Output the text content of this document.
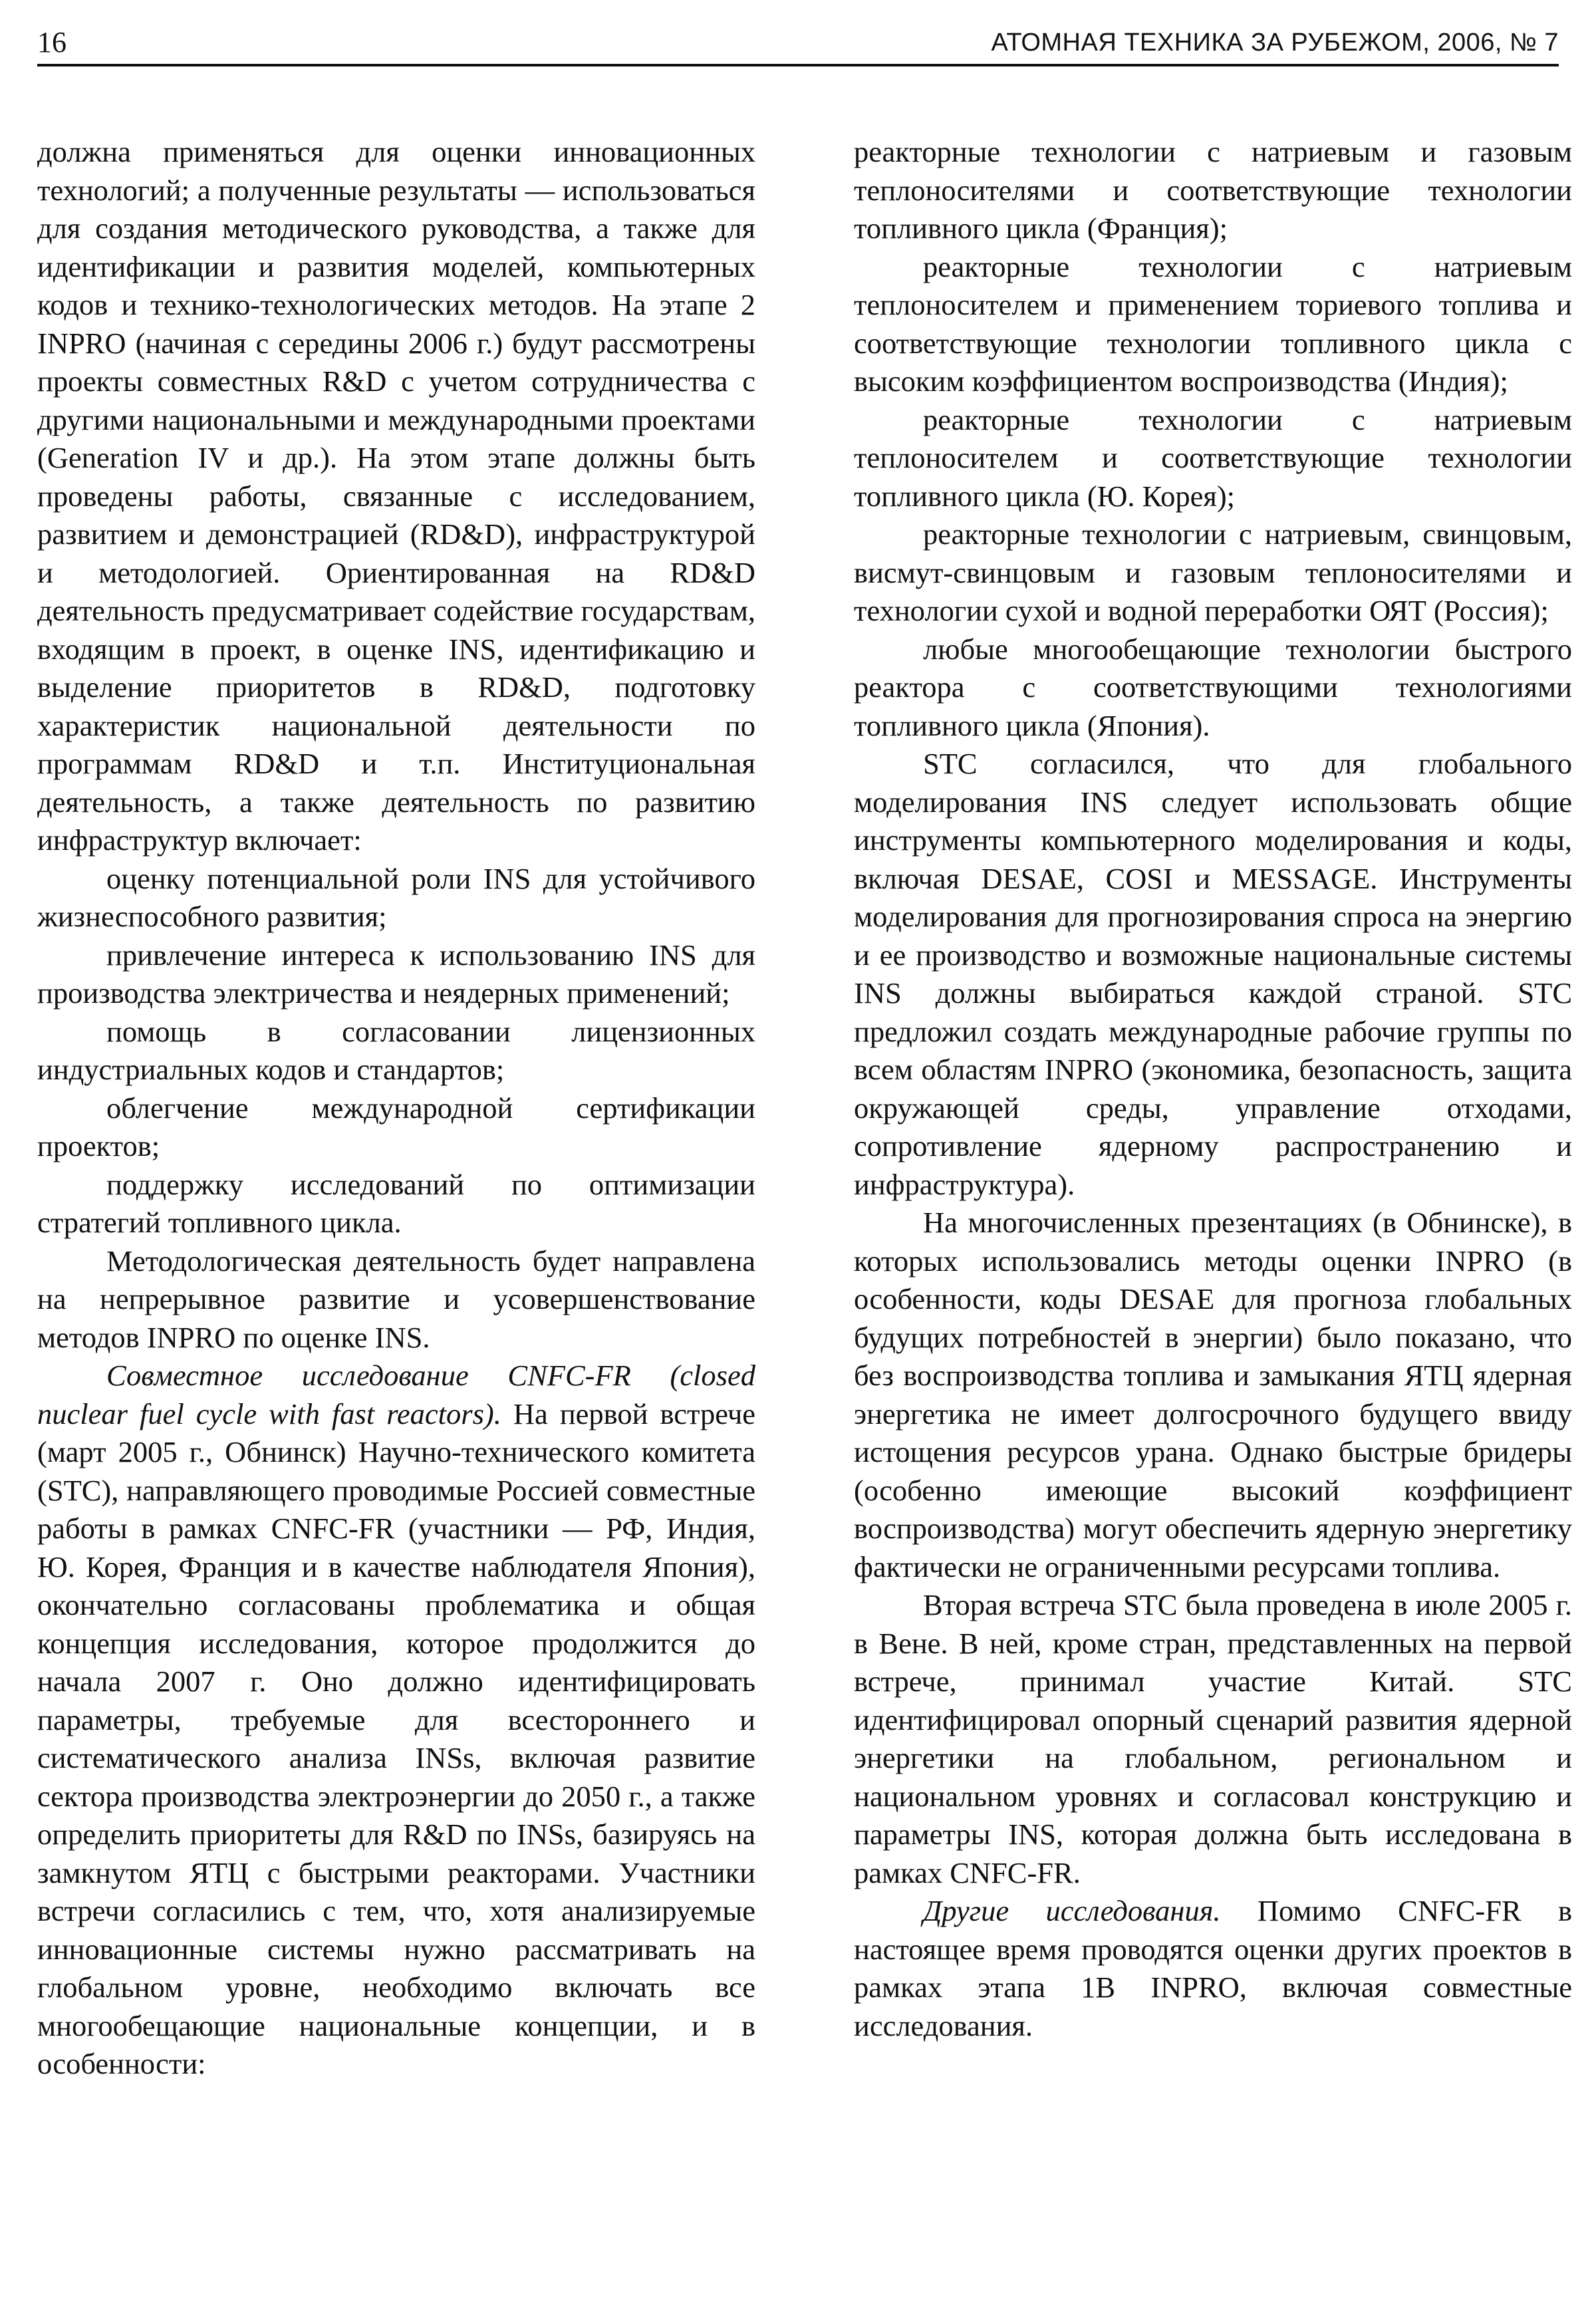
16	АТОМНАЯ ТЕХНИКА ЗА РУБЕЖОМ, 2006, № 7

должна применяться для оценки инновационных технологий; а полученные результаты — использоваться для создания методического руководства, а также для идентификации и развития моделей, компьютерных кодов и технико-технологических методов. На этапе 2 INPRO (начиная с середины 2006 г.) будут рассмотрены проекты совместных R&D с учетом сотрудничества с другими национальными и международными проектами (Generation IV и др.). На этом этапе должны быть проведены работы, связанные с исследованием, развитием и демонстрацией (RD&D), инфраструктурой и методологией. Ориентированная на RD&D деятельность предусматривает содействие государствам, входящим в проект, в оценке INS, идентификацию и выделение приоритетов в RD&D, подготовку характеристик национальной деятельности по программам RD&D и т.п. Институциональная деятельность, а также деятельность по развитию инфраструктур включает:

оценку потенциальной роли INS для устойчивого жизнеспособного развития;

привлечение интереса к использованию INS для производства электричества и неядерных применений;

помощь в согласовании лицензионных индустриальных кодов и стандартов;

облегчение международной сертификации проектов;

поддержку исследований по оптимизации стратегий топливного цикла.

Методологическая деятельность будет направлена на непрерывное развитие и усовершенствование методов INPRO по оценке INS.

Совместное исследование CNFC-FR (closed nuclear fuel cycle with fast reactors). На первой встрече (март 2005 г., Обнинск) Научно-технического комитета (STC), направляющего проводимые Россией совместные работы в рамках CNFC-FR (участники — РФ, Индия, Ю. Корея, Франция и в качестве наблюдателя Япония), окончательно согласованы проблематика и общая концепция исследования, которое продолжится до начала 2007 г. Оно должно идентифицировать параметры, требуемые для всестороннего и систематического анализа INSs, включая развитие сектора производства электроэнергии до 2050 г., а также определить приоритеты для R&D по INSs, базируясь на замкнутом ЯТЦ с быстрыми реакторами. Участники встречи согласились с тем, что, хотя анализируемые инновационные системы нужно рассматривать на глобальном уровне, необходимо включать все многообещающие национальные концепции, и в особенности:

реакторные технологии с натриевым и газовым теплоносителями и соответствующие технологии топливного цикла (Франция);

реакторные технологии с натриевым теплоносителем и применением ториевого топлива и соответствующие технологии топливного цикла с высоким коэффициентом воспроизводства (Индия);

реакторные технологии с натриевым теплоносителем и соответствующие технологии топливного цикла (Ю. Корея);

реакторные технологии с натриевым, свинцовым, висмут-свинцовым и газовым теплоносителями и технологии сухой и водной переработки ОЯТ (Россия);

любые многообещающие технологии быстрого реактора с соответствующими технологиями топливного цикла (Япония).

STC согласился, что для глобального моделирования INS следует использовать общие инструменты компьютерного моделирования и коды, включая DESAE, COSI и MESSAGE. Инструменты моделирования для прогнозирования спроса на энергию и ее производство и возможные национальные системы INS должны выбираться каждой страной. STC предложил создать международные рабочие группы по всем областям INPRO (экономика, безопасность, защита окружающей среды, управление отходами, сопротивление ядерному распространению и инфраструктура).

На многочисленных презентациях (в Обнинске), в которых использовались методы оценки INPRO (в особенности, коды DESAE для прогноза глобальных будущих потребностей в энергии) было показано, что без воспроизводства топлива и замыкания ЯТЦ ядерная энергетика не имеет долгосрочного будущего ввиду истощения ресурсов урана. Однако быстрые бридеры (особенно имеющие высокий коэффициент воспроизводства) могут обеспечить ядерную энергетику фактически не ограниченными ресурсами топлива.

Вторая встреча STC была проведена в июле 2005 г. в Вене. В ней, кроме стран, представленных на первой встрече, принимал участие Китай. STC идентифицировал опорный сценарий развития ядерной энергетики на глобальном, региональном и национальном уровнях и согласовал конструкцию и параметры INS, которая должна быть исследована в рамках CNFC-FR.

Другие исследования. Помимо CNFC-FR в настоящее время проводятся оценки других проектов в рамках этапа 1B INPRO, включая совместные исследования.
